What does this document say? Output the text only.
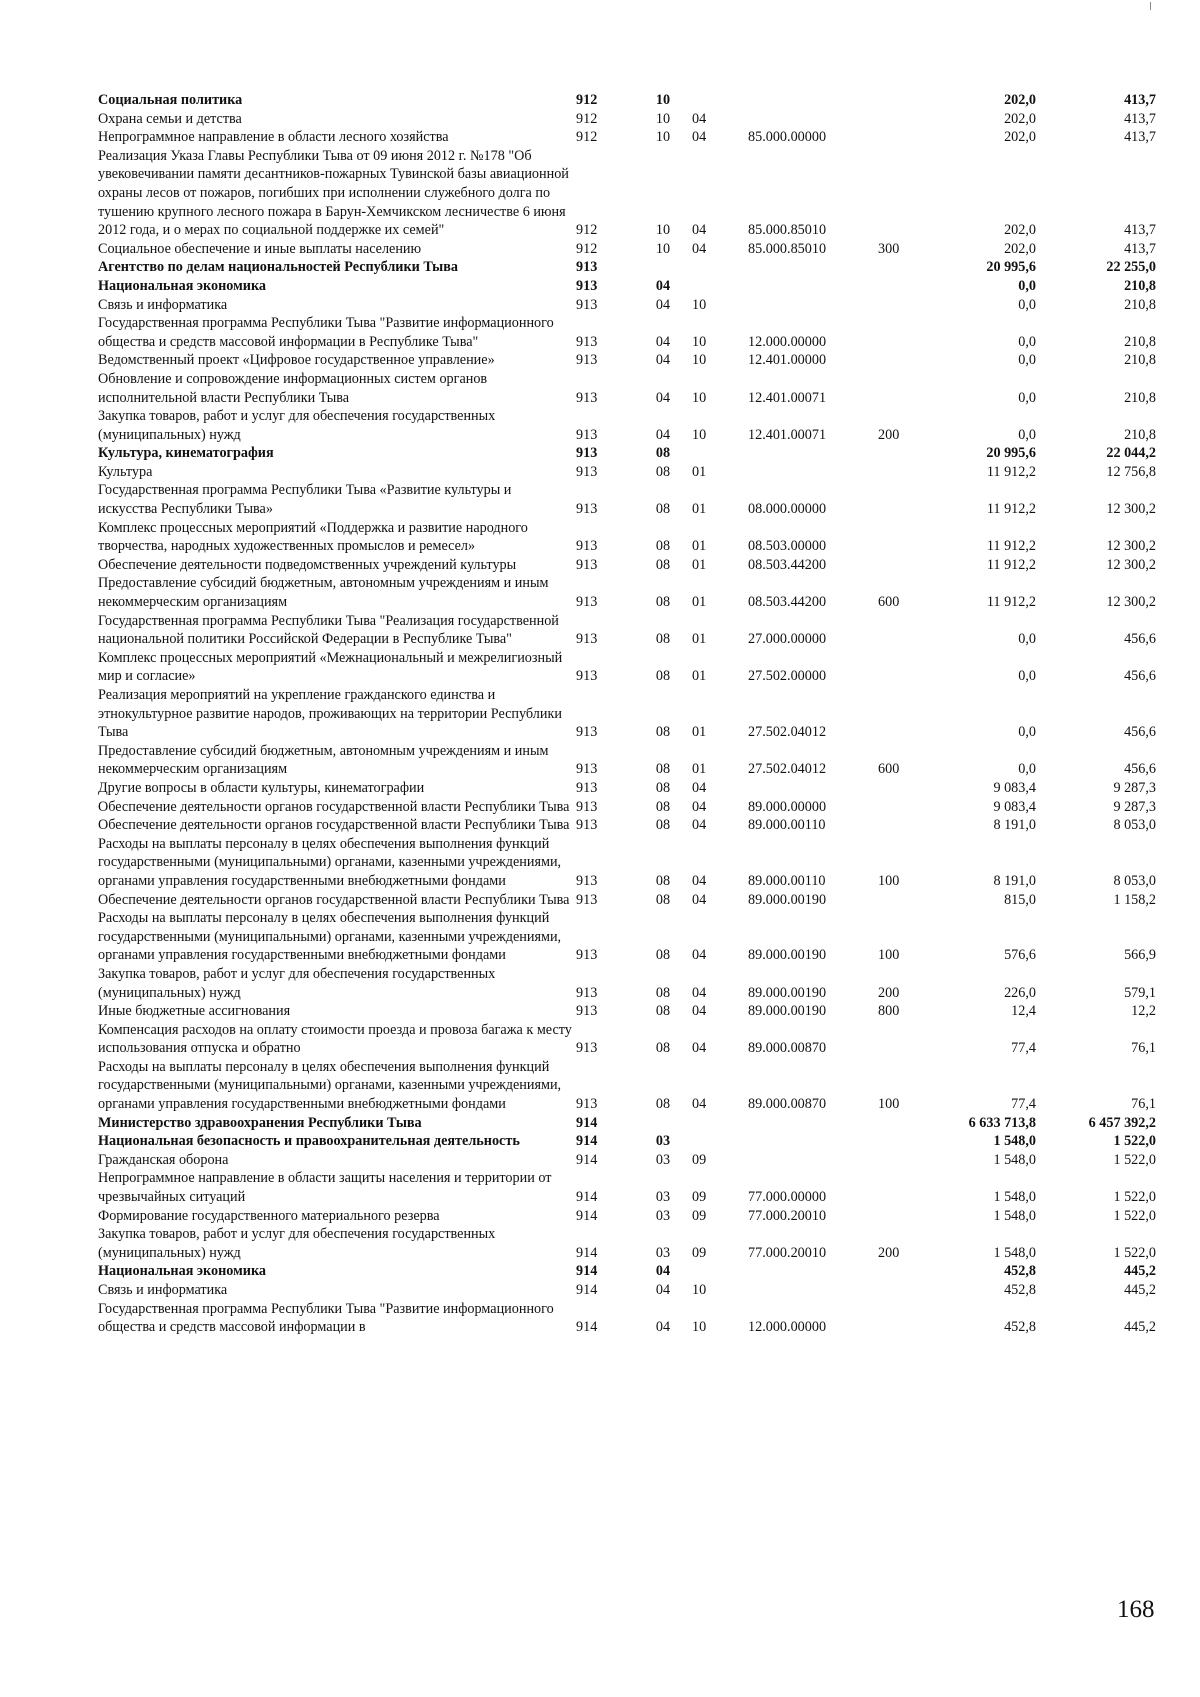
Социальная политика	912	10				202,0	413,7
Охрана семьи и детства	912	10	04			202,0	413,7
Непрограммное направление в области лесного хозяйства	912	10	04	85.000.00000		202,0	413,7
Реализация Указа Главы Республики Тыва от 09 июня 2012 г. №178 "Об увековечивании памяти десантников-пожарных Тувинской базы авиационной охраны лесов от пожаров, погибших при исполнении служебного долга по тушению крупного лесного пожара в Барун-Хемчикском лесничестве 6 июня 2012 года, и о мерах по социальной поддержке их семей"	912	10	04	85.000.85010		202,0	413,7
Социальное обеспечение и иные выплаты населению	912	10	04	85.000.85010	300	202,0	413,7
Агентство по делам национальностей Республики Тыва	913					20 995,6	22 255,0
Национальная экономика	913	04				0,0	210,8
Связь и информатика	913	04	10			0,0	210,8
Государственная программа Республики Тыва "Развитие информационного общества и средств массовой информации в Республике Тыва"	913	04	10	12.000.00000		0,0	210,8
Ведомственный проект «Цифровое государственное управление»	913	04	10	12.401.00000		0,0	210,8
Обновление и сопровождение информационных систем органов исполнительной власти Республики Тыва	913	04	10	12.401.00071		0,0	210,8
Закупка товаров, работ и услуг для обеспечения государственных (муниципальных) нужд	913	04	10	12.401.00071	200	0,0	210,8
Культура, кинематография	913	08				20 995,6	22 044,2
Культура	913	08	01			11 912,2	12 756,8
Государственная программа Республики Тыва «Развитие культуры и искусства Республики Тыва»	913	08	01	08.000.00000		11 912,2	12 300,2
Комплекс процессных мероприятий «Поддержка и развитие народного творчества, народных художественных промыслов и ремесел»	913	08	01	08.503.00000		11 912,2	12 300,2
Обеспечение деятельности подведомственных учреждений культуры	913	08	01	08.503.44200		11 912,2	12 300,2
Предоставление субсидий бюджетным, автономным учреждениям и иным некоммерческим организациям	913	08	01	08.503.44200	600	11 912,2	12 300,2
Государственная программа Республики Тыва "Реализация государственной национальной политики Российской Федерации в Республике Тыва"	913	08	01	27.000.00000		0,0	456,6
Комплекс процессных мероприятий «Межнациональный и межрелигиозный мир и согласие»	913	08	01	27.502.00000		0,0	456,6
Реализация мероприятий на укрепление гражданского единства и этнокультурное развитие народов, проживающих на территории Республики Тыва	913	08	01	27.502.04012		0,0	456,6
Предоставление субсидий бюджетным, автономным учреждениям и иным некоммерческим организациям	913	08	01	27.502.04012	600	0,0	456,6
Другие вопросы в области культуры, кинематографии	913	08	04			9 083,4	9 287,3
Обеспечение деятельности органов государственной власти Республики Тыва	913	08	04	89.000.00000		9 083,4	9 287,3
Обеспечение деятельности органов государственной власти Республики Тыва	913	08	04	89.000.00110		8 191,0	8 053,0
Расходы на выплаты персоналу в целях обеспечения выполнения функций государственными (муниципальными) органами, казенными учреждениями, органами управления государственными внебюджетными фондами	913	08	04	89.000.00110	100	8 191,0	8 053,0
Обеспечение деятельности органов государственной власти Республики Тыва	913	08	04	89.000.00190		815,0	1 158,2
Расходы на выплаты персоналу в целях обеспечения выполнения функций государственными (муниципальными) органами, казенными учреждениями, органами управления государственными внебюджетными фондами	913	08	04	89.000.00190	100	576,6	566,9
Закупка товаров, работ и услуг для обеспечения государственных (муниципальных) нужд	913	08	04	89.000.00190	200	226,0	579,1
Иные бюджетные ассигнования	913	08	04	89.000.00190	800	12,4	12,2
Компенсация расходов на оплату стоимости проезда и провоза багажа к месту использования отпуска и обратно	913	08	04	89.000.00870		77,4	76,1
Расходы на выплаты персоналу в целях обеспечения выполнения функций государственными (муниципальными) органами, казенными учреждениями, органами управления государственными внебюджетными фондами	913	08	04	89.000.00870	100	77,4	76,1
Министерство здравоохранения Республики Тыва	914					6 633 713,8	6 457 392,2
Национальная безопасность и правоохранительная деятельность	914	03				1 548,0	1 522,0
Гражданская оборона	914	03	09			1 548,0	1 522,0
Непрограммное направление в области защиты населения и территории от чрезвычайных ситуаций	914	03	09	77.000.00000		1 548,0	1 522,0
Формирование государственного материального резерва	914	03	09	77.000.20010		1 548,0	1 522,0
Закупка товаров, работ и услуг для обеспечения государственных (муниципальных) нужд	914	03	09	77.000.20010	200	1 548,0	1 522,0
Национальная экономика	914	04				452,8	445,2
Связь и информатика	914	04	10			452,8	445,2
Государственная программа Республики Тыва "Развитие информационного общества и средств массовой информации в	914	04	10	12.000.00000		452,8	445,2
168
